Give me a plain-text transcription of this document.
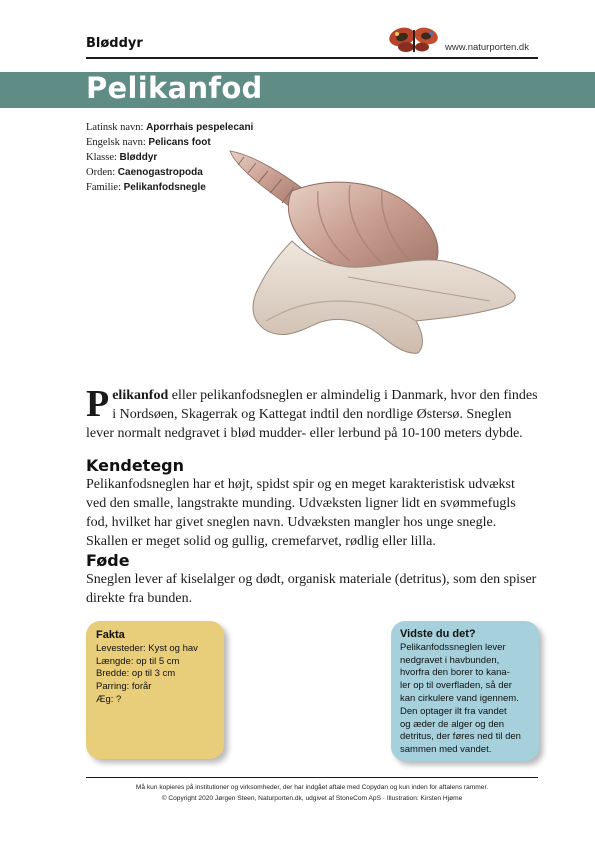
Bløddyr	www.naturporten.dk
Pelikanfod
Latinsk navn: Aporrhais pespelecani
Engelsk navn: Pelicans foot
Klasse: Bløddyr
Orden: Caenogastropoda
Familie: Pelikanfodsnegle
Pelikanfod eller pelikanfodsneglen er almindelig i Danmark, hvor den findes i Nordsøen, Skagerrak og Kattegat indtil den nordlige Østersø. Sneglen lever normalt nedgravet i blød mudder- eller lerbund på 10-100 meters dybde.
Kendetegn
Pelikanfodsneglen har et højt, spidst spir og en meget karakteristisk udvækst ved den smalle, langstrakte munding. Udvæksten ligner lidt en svømmefugls fod, hvilket har givet sneglen navn. Udvæksten mangler hos unge snegle. Skallen er meget solid og gullig, cremefarvet, rødlig eller lilla.
Føde
Sneglen lever af kiselalger og dødt, organisk materiale (detritus), som den spiser direkte fra bunden.
Fakta
Levesteder: Kyst og hav
Længde: op til 5 cm
Bredde: op til 3 cm
Parring: forår
Æg: ?
Vidste du det?
Pelikanfodssneglen lever
nedgravet i havbunden,
hvorfra den borer to kana-
ler op til overfladen, så der
kan cirkulere vand igennem.
Den optager ilt fra vandet
og æder de alger og den
detritus, der føres ned til den
sammen med vandet.
Må kun kopieres på institutioner og virksomheder, der har indgået aftale med Copydan og kun inden for aftalens rammer.
© Copyright 2020 Jørgen Steen, Naturporten.dk, udgivet af StoneCom ApS · Illustration: Kirsten Hjøme
